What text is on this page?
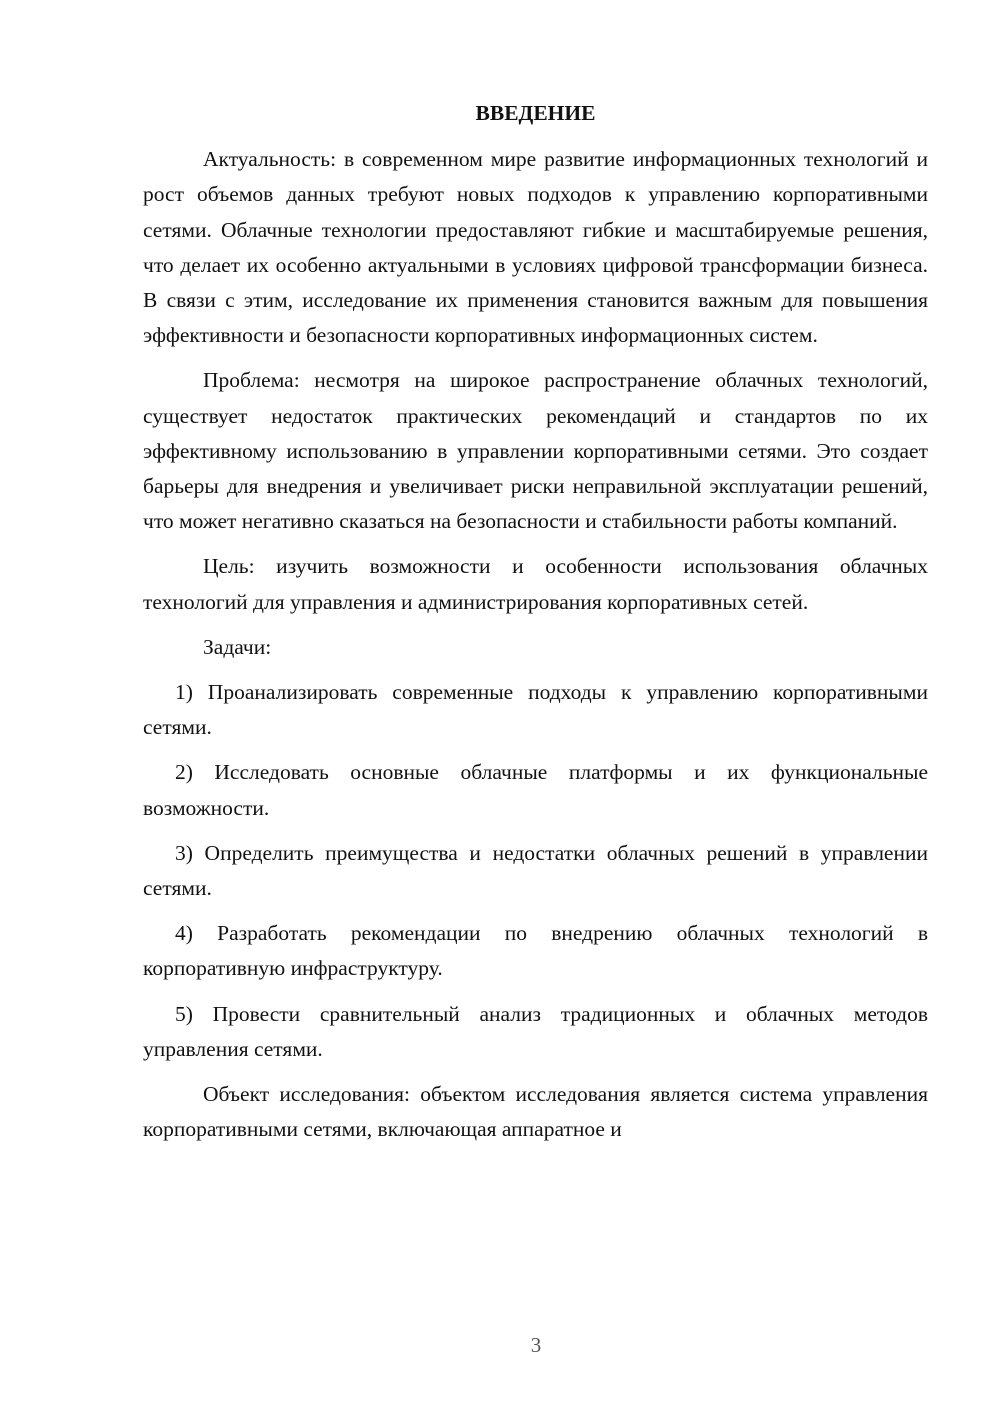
ВВЕДЕНИЕ

Актуальность: в современном мире развитие информационных технологий и рост объемов данных требуют новых подходов к управлению корпоративными сетями. Облачные технологии предоставляют гибкие и масштабируемые решения, что делает их особенно актуальными в условиях цифровой трансформации бизнеса. В связи с этим, исследование их применения становится важным для повышения эффективности и безопасности корпоративных информационных систем.

Проблема: несмотря на широкое распространение облачных технологий, существует недостаток практических рекомендаций и стандартов по их эффективному использованию в управлении корпоративными сетями. Это создает барьеры для внедрения и увеличивает риски неправильной эксплуатации решений, что может негативно сказаться на безопасности и стабильности работы компаний.

Цель: изучить возможности и особенности использования облачных технологий для управления и администрирования корпоративных сетей.

Задачи:

1) Проанализировать современные подходы к управлению корпоративными сетями.

2) Исследовать основные облачные платформы и их функциональные возможности.

3) Определить преимущества и недостатки облачных решений в управлении сетями.

4) Разработать рекомендации по внедрению облачных технологий в корпоративную инфраструктуру.

5) Провести сравнительный анализ традиционных и облачных методов управления сетями.

Объект исследования: объектом исследования является система управления корпоративными сетями, включающая аппаратное и

3
